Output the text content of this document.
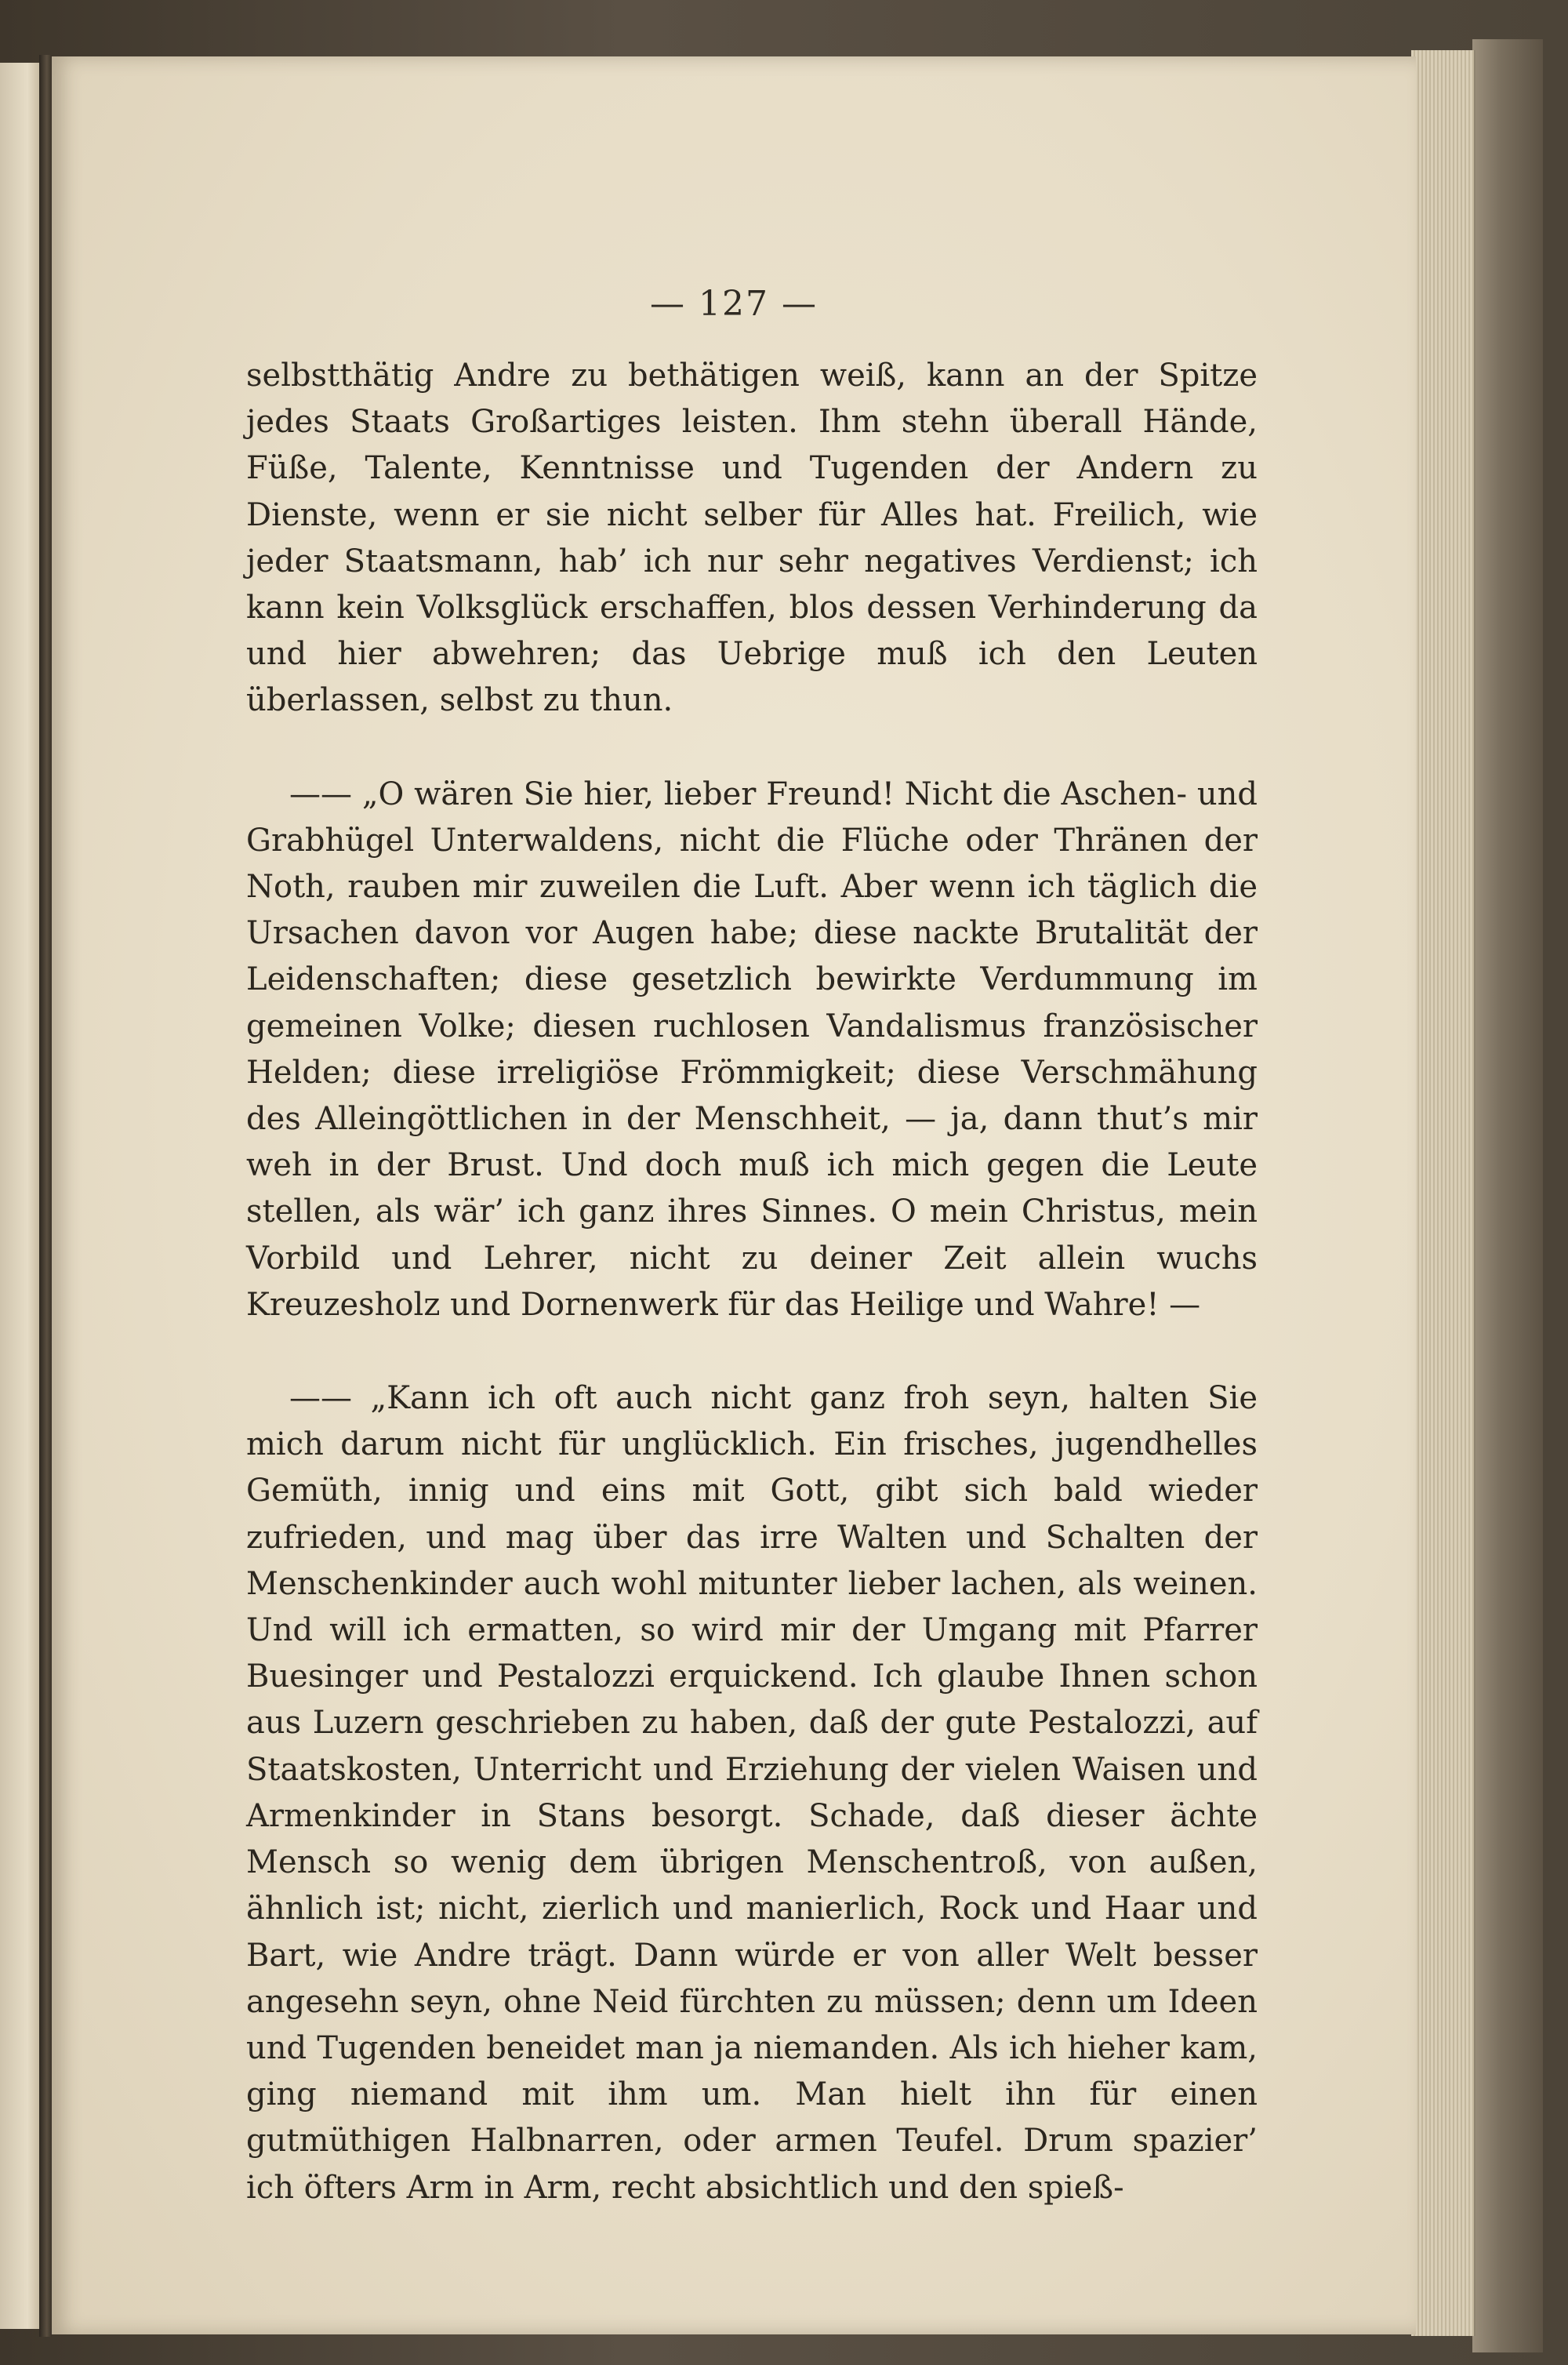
— 127 —

selbstthätig Andre zu bethätigen weiß, kann an der Spitze jedes Staats Großartiges leisten. Ihm stehn überall Hände, Füße, Talente, Kenntnisse und Tugenden der Andern zu Dienste, wenn er sie nicht selber für Alles hat. Freilich, wie jeder Staatsmann, hab’ ich nur sehr negatives Verdienst; ich kann kein Volksglück erschaffen, blos dessen Verhinderung da und hier abwehren; das Uebrige muß ich den Leuten überlassen, selbst zu thun.

—— „O wären Sie hier, lieber Freund! Nicht die Aschen- und Grabhügel Unterwaldens, nicht die Flüche oder Thränen der Noth, rauben mir zuweilen die Luft. Aber wenn ich täglich die Ursachen davon vor Augen habe; diese nackte Brutalität der Leidenschaften; diese gesetzlich bewirkte Verdummung im gemeinen Volke; diesen ruchlosen Vandalismus französischer Helden; diese irreligiöse Frömmigkeit; diese Verschmähung des Alleingöttlichen in der Menschheit, — ja, dann thut’s mir weh in der Brust. Und doch muß ich mich gegen die Leute stellen, als wär’ ich ganz ihres Sinnes. O mein Christus, mein Vorbild und Lehrer, nicht zu deiner Zeit allein wuchs Kreuzesholz und Dornenwerk für das Heilige und Wahre! —

—— „Kann ich oft auch nicht ganz froh seyn, halten Sie mich darum nicht für unglücklich. Ein frisches, jugendhelles Gemüth, innig und eins mit Gott, gibt sich bald wieder zufrieden, und mag über das irre Walten und Schalten der Menschenkinder auch wohl mitunter lieber lachen, als weinen. Und will ich ermatten, so wird mir der Umgang mit Pfarrer Buesinger und Pestalozzi erquickend. Ich glaube Ihnen schon aus Luzern geschrieben zu haben, daß der gute Pestalozzi, auf Staatskosten, Unterricht und Erziehung der vielen Waisen und Armenkinder in Stans besorgt. Schade, daß dieser ächte Mensch so wenig dem übrigen Menschentroß, von außen, ähnlich ist; nicht, zierlich und manierlich, Rock und Haar und Bart, wie Andre trägt. Dann würde er von aller Welt besser angesehn seyn, ohne Neid fürchten zu müssen; denn um Ideen und Tugenden beneidet man ja niemanden. Als ich hieher kam, ging niemand mit ihm um. Man hielt ihn für einen gutmüthigen Halbnarren, oder armen Teufel. Drum spazier’ ich öfters Arm in Arm, recht absichtlich und den spieß-
